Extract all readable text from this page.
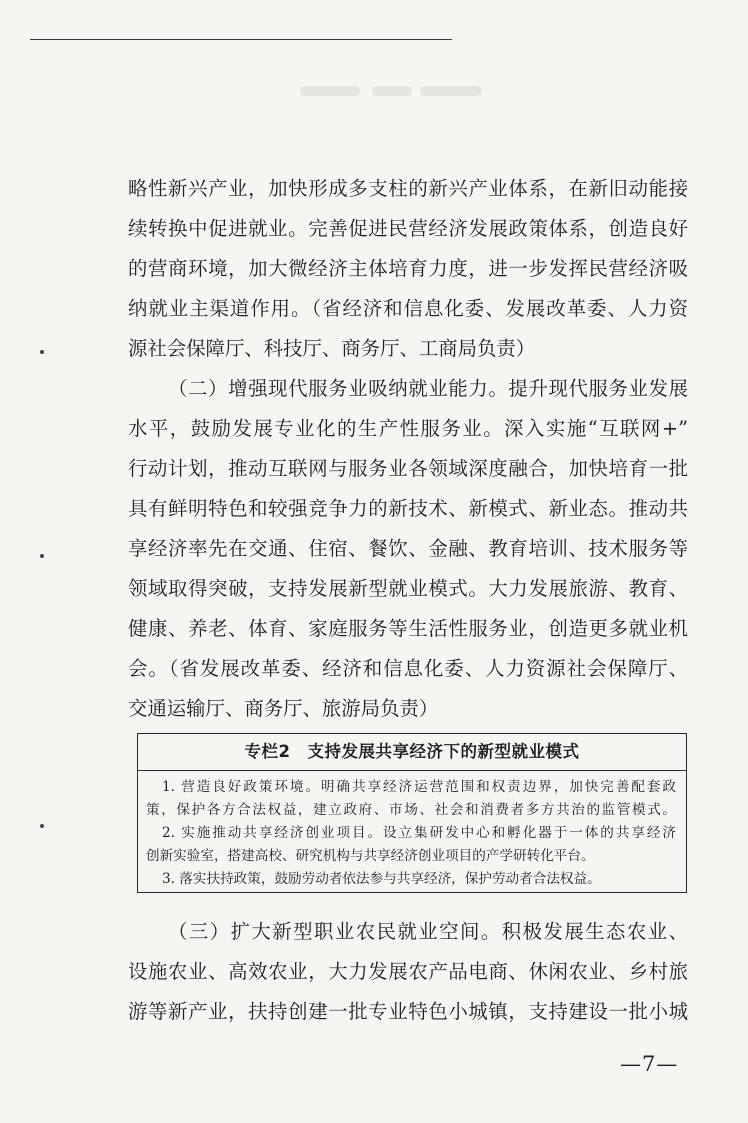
略性新兴产业，加快形成多支柱的新兴产业体系，在新旧动能接
续转换中促进就业。完善促进民营经济发展政策体系，创造良好
的营商环境，加大微经济主体培育力度，进一步发挥民营经济吸
纳就业主渠道作用。（省经济和信息化委、发展改革委、人力资
源社会保障厅、科技厅、商务厅、工商局负责）
（二）增强现代服务业吸纳就业能力。提升现代服务业发展
水平，鼓励发展专业化的生产性服务业。深入实施“互联网+”
行动计划，推动互联网与服务业各领域深度融合，加快培育一批
具有鲜明特色和较强竞争力的新技术、新模式、新业态。推动共
享经济率先在交通、住宿、餐饮、金融、教育培训、技术服务等
领域取得突破，支持发展新型就业模式。大力发展旅游、教育、
健康、养老、体育、家庭服务等生活性服务业，创造更多就业机
会。（省发展改革委、经济和信息化委、人力资源社会保障厅、
交通运输厅、商务厅、旅游局负责）
专栏2　支持发展共享经济下的新型就业模式
1. 营造良好政策环境。明确共享经济运营范围和权责边界，加快完善配套政
策，保护各方合法权益，建立政府、市场、社会和消费者多方共治的监管模式。
2. 实施推动共享经济创业项目。设立集研发中心和孵化器于一体的共享经济
创新实验室，搭建高校、研究机构与共享经济创业项目的产学研转化平台。
3. 落实扶持政策，鼓励劳动者依法参与共享经济，保护劳动者合法权益。
（三）扩大新型职业农民就业空间。积极发展生态农业、
设施农业、高效农业，大力发展农产品电商、休闲农业、乡村旅
游等新产业，扶持创建一批专业特色小城镇，支持建设一批小城
—7—
